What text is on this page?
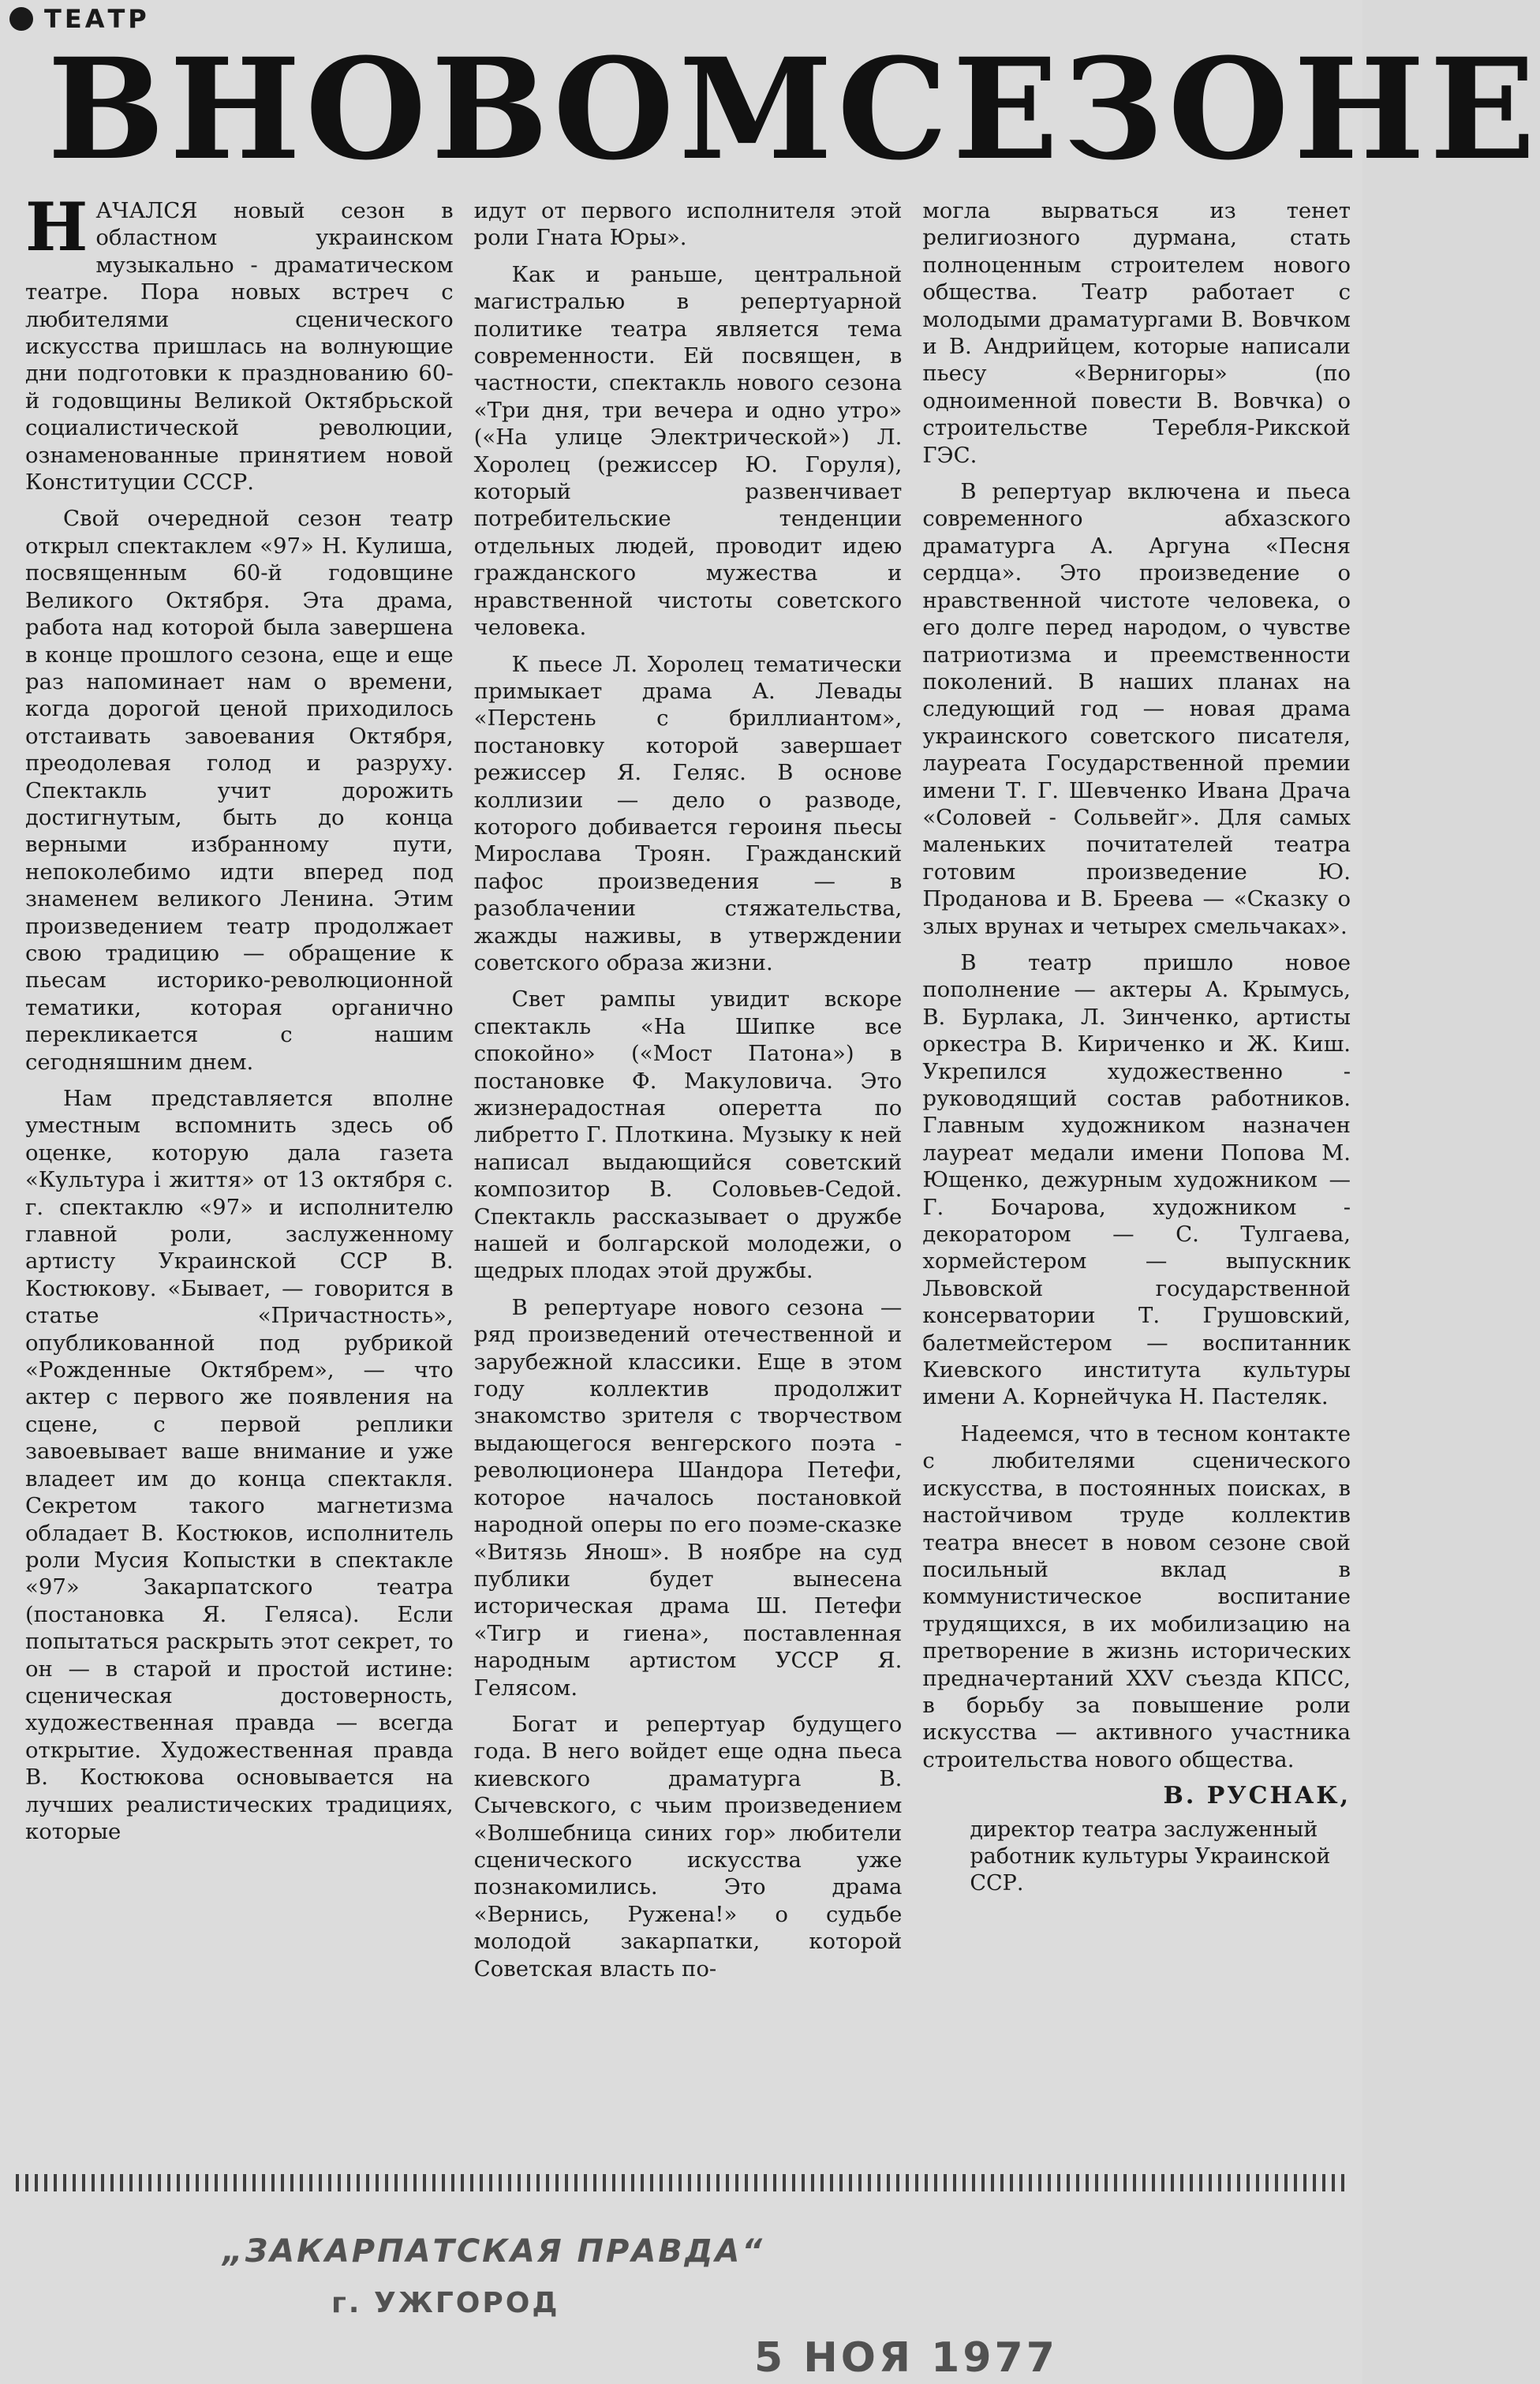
ТЕАТР
В НОВОМ СЕЗОНЕ

НАЧАЛСЯ новый сезон в областном украинском музыкально - драматическом театре. Пора новых встреч с любителями сценического искусства пришлась на волнующие дни подготовки к празднованию 60-й годовщины Великой Октябрьской социалистической революции, ознаменованные принятием новой Конституции СССР.

Свой очередной сезон театр открыл спектаклем «97» Н. Кулиша, посвященным 60-й годовщине Великого Октября. Эта драма, работа над которой была завершена в конце прошлого сезона, еще и еще раз напоминает нам о времени, когда дорогой ценой приходилось отстаивать завоевания Октября, преодолевая голод и разруху. Спектакль учит дорожить достигнутым, быть до конца верными избранному пути, непоколебимо идти вперед под знаменем великого Ленина. Этим произведением театр продолжает свою традицию — обращение к пьесам историко-революционной тематики, которая органично перекликается с нашим сегодняшним днем.

Нам представляется вполне уместным вспомнить здесь об оценке, которую дала газета «Культура і життя» от 13 октября с. г. спектаклю «97» и исполнителю главной роли, заслуженному артисту Украинской ССР В. Костюкову. «Бывает, — говорится в статье «Причастность», опубликованной под рубрикой «Рожденные Октябрем», — что актер с первого же появления на сцене, с первой реплики завоевывает ваше внимание и уже владеет им до конца спектакля. Секретом такого магнетизма обладает В. Костюков, исполнитель роли Мусия Копыстки в спектакле «97» Закарпатского театра (постановка Я. Геляса). Если попытаться раскрыть этот секрет, то он — в старой и простой истине: сценическая достоверность, художественная правда — всегда открытие. Художественная правда В. Костюкова основывается на лучших реалистических традициях, которые

идут от первого исполнителя этой роли Гната Юры».

Как и раньше, центральной магистралью в репертуарной политике театра является тема современности. Ей посвящен, в частности, спектакль нового сезона «Три дня, три вечера и одно утро» («На улице Электрической») Л. Хоролец (режиссер Ю. Горуля), который развенчивает потребительские тенденции отдельных людей, проводит идею гражданского мужества и нравственной чистоты советского человека.

К пьесе Л. Хоролец тематически примыкает драма А. Левады «Перстень с бриллиантом», постановку которой завершает режиссер Я. Геляс. В основе коллизии — дело о разводе, которого добивается героиня пьесы Мирослава Троян. Гражданский пафос произведения — в разоблачении стяжательства, жажды наживы, в утверждении советского образа жизни.

Свет рампы увидит вскоре спектакль «На Шипке все спокойно» («Мост Патона») в постановке Ф. Макуловича. Это жизнерадостная оперетта по либретто Г. Плоткина. Музыку к ней написал выдающийся советский композитор В. Соловьев-Седой. Спектакль рассказывает о дружбе нашей и болгарской молодежи, о щедрых плодах этой дружбы.

В репертуаре нового сезона — ряд произведений отечественной и зарубежной классики. Еще в этом году коллектив продолжит знакомство зрителя с творчеством выдающегося венгерского поэта - революционера Шандора Петефи, которое началось постановкой народной оперы по его поэме-сказке «Витязь Янош». В ноябре на суд публики будет вынесена историческая драма Ш. Петефи «Тигр и гиена», поставленная народным артистом УССР Я. Гелясом.

Богат и репертуар будущего года. В него войдет еще одна пьеса киевского драматурга В. Сычевского, с чьим произведением «Волшебница синих гор» любители сценического искусства уже познакомились. Это драма «Вернись, Ружена!» о судьбе молодой закарпатки, которой Советская власть по-

могла вырваться из тенет религиозного дурмана, стать полноценным строителем нового общества. Театр работает с молодыми драматургами В. Вовчком и В. Андрийцем, которые написали пьесу «Вернигоры» (по одноименной повести В. Вовчка) о строительстве Теребля-Рикской ГЭС.

В репертуар включена и пьеса современного абхазского драматурга А. Аргуна «Песня сердца». Это произведение о нравственной чистоте человека, о его долге перед народом, о чувстве патриотизма и преемственности поколений. В наших планах на следующий год — новая драма украинского советского писателя, лауреата Государственной премии имени Т. Г. Шевченко Ивана Драча «Соловей - Сольвейг». Для самых маленьких почитателей театра готовим произведение Ю. Проданова и В. Бреева — «Сказку о злых врунах и четырех смельчаках».

В театр пришло новое пополнение — актеры А. Крымусь, В. Бурлака, Л. Зинченко, артисты оркестра В. Кириченко и Ж. Киш. Укрепился художественно - руководящий состав работников. Главным художником назначен лауреат медали имени Попова М. Ющенко, дежурным художником — Г. Бочарова, художником - декоратором — С. Тулгаева, хормейстером — выпускник Львовской государственной консерватории Т. Грушовский, балетмейстером — воспитанник Киевского института культуры имени А. Корнейчука Н. Пастеляк.

Надеемся, что в тесном контакте с любителями сценического искусства, в постоянных поисках, в настойчивом труде коллектив театра внесет в новом сезоне свой посильный вклад в коммунистическое воспитание трудящихся, в их мобилизацию на претворение в жизнь исторических предначертаний XXV съезда КПСС, в борьбу за повышение роли искусства — активного участника строительства нового общества.

В. РУСНАК,
директор театра заслуженный работник культуры Украинской ССР.
„ЗАКАРПАТСКАЯ ПРАВДА“
г. УЖГОРОД
5 НОЯ 1977
